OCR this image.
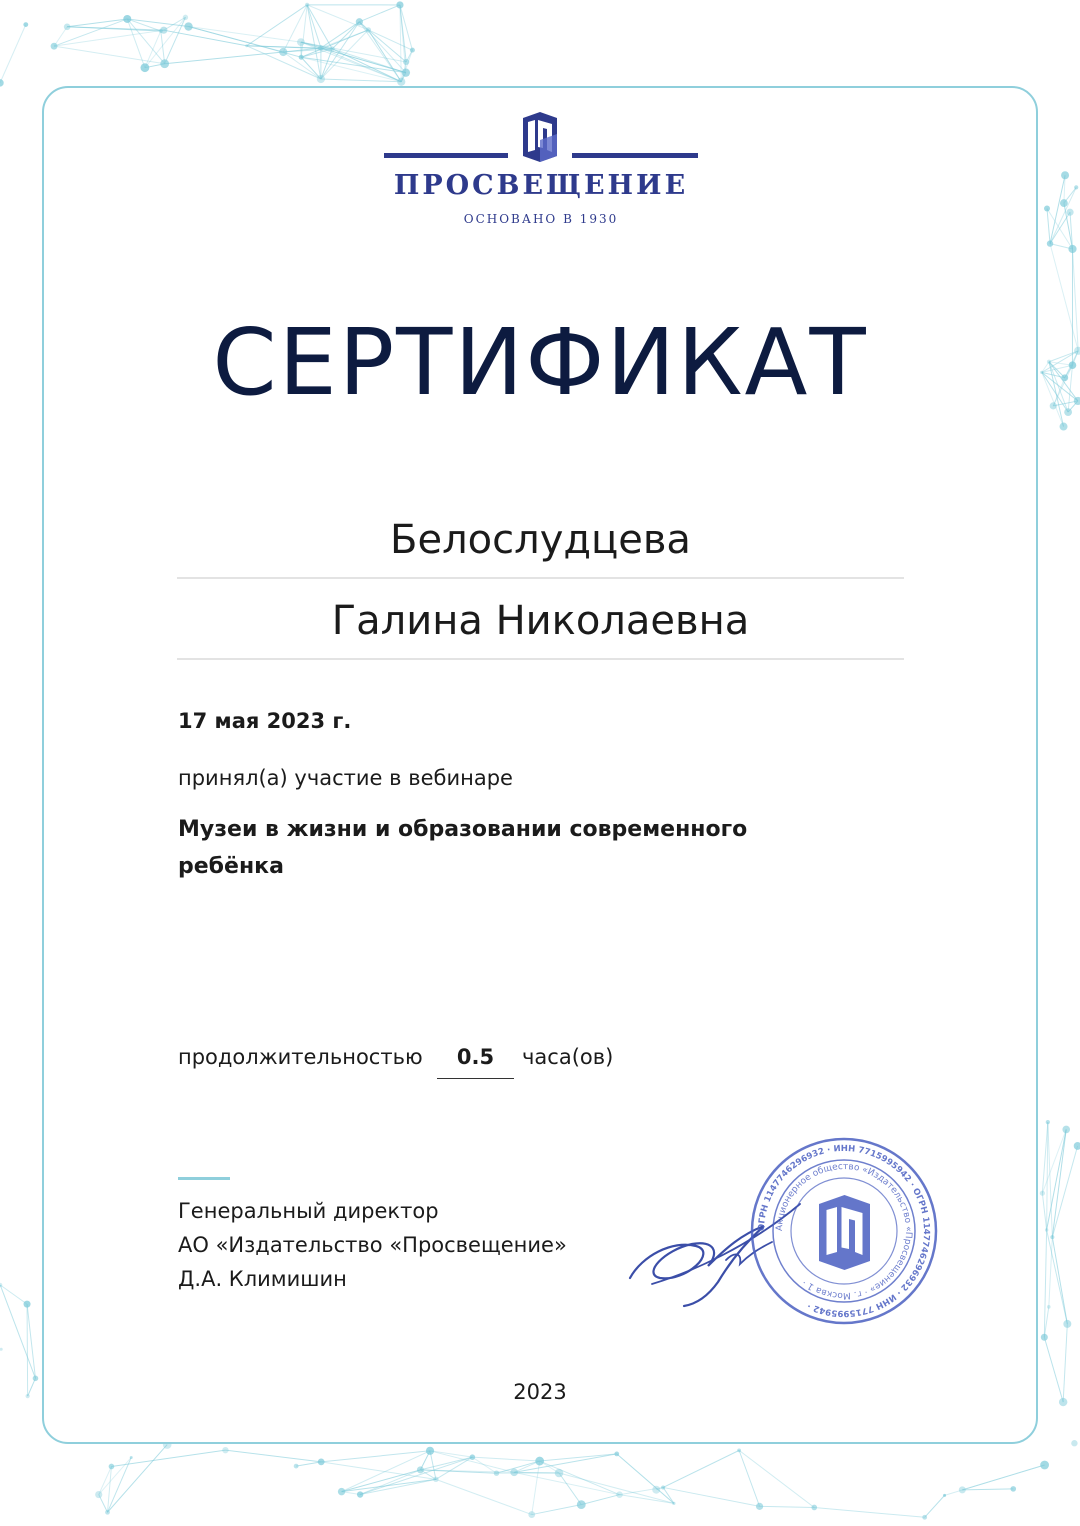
ПРОСВЕЩЕНИЕ
ОСНОВАНО В 1930
СЕРТИФИКАТ
Белослудцева
Галина Николаевна
17 мая 2023 г.
принял(а) участие в вебинаре
Музеи в жизни и образовании современного
ребёнка
продолжительностью	0.5	часа(ов)
Генеральный директор
АО «Издательство «Просвещение»
Д.А. Климишин
ОГРН 1147746296932 · ИНН 7715995942 · ОГРН 1147746296932 · ИНН 7715995942 ·
Акционерное общество «Издательство «Просвещение» · г. Москва 1 ·
2023
